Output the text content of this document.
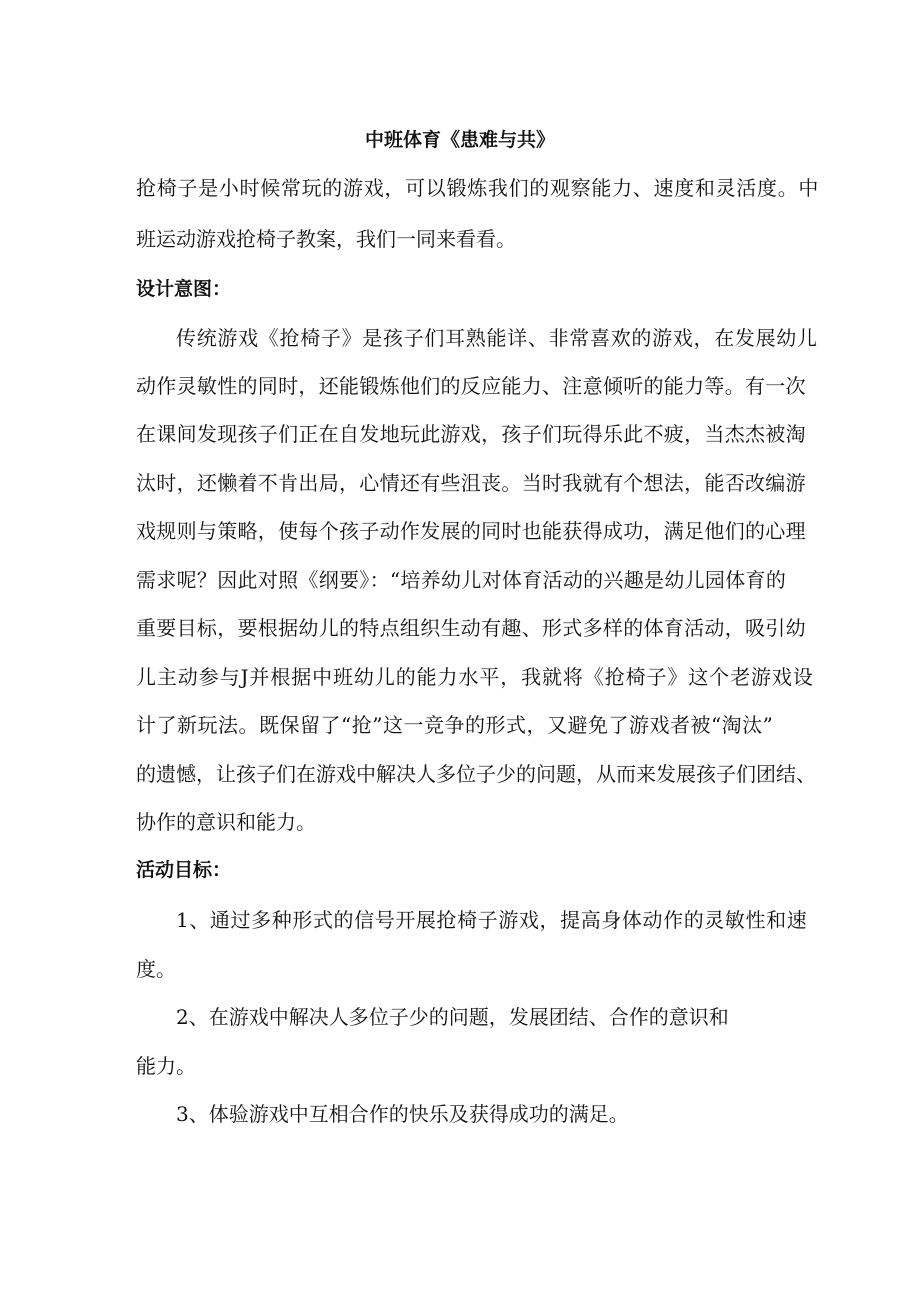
中班体育《患难与共》

抢椅子是小时候常玩的游戏，可以锻炼我们的观察能力、速度和灵活度。中

班运动游戏抢椅子教案，我们一同来看看。

设计意图：

传统游戏《抢椅子》是孩子们耳熟能详、非常喜欢的游戏，在发展幼儿

动作灵敏性的同时，还能锻炼他们的反应能力、注意倾听的能力等。有一次

在课间发现孩子们正在自发地玩此游戏，孩子们玩得乐此不疲，当杰杰被淘

汰时，还懒着不肯出局，心情还有些沮丧。当时我就有个想法，能否改编游

戏规则与策略，使每个孩子动作发展的同时也能获得成功，满足他们的心理

需求呢？因此对照《纲要》：“培养幼儿对体育活动的兴趣是幼儿园体育的

重要目标，要根据幼儿的特点组织生动有趣、形式多样的体育活动，吸引幼

儿主动参与J并根据中班幼儿的能力水平，我就将《抢椅子》这个老游戏设

计了新玩法。既保留了“抢”这一竞争的形式，又避免了游戏者被“淘汰”

的遗憾，让孩子们在游戏中解决人多位子少的问题，从而来发展孩子们团结、

协作的意识和能力。

活动目标：

1、通过多种形式的信号开展抢椅子游戏，提高身体动作的灵敏性和速

度。

2、在游戏中解决人多位子少的问题，发展团结、合作的意识和

能力。

3、体验游戏中互相合作的快乐及获得成功的满足。
